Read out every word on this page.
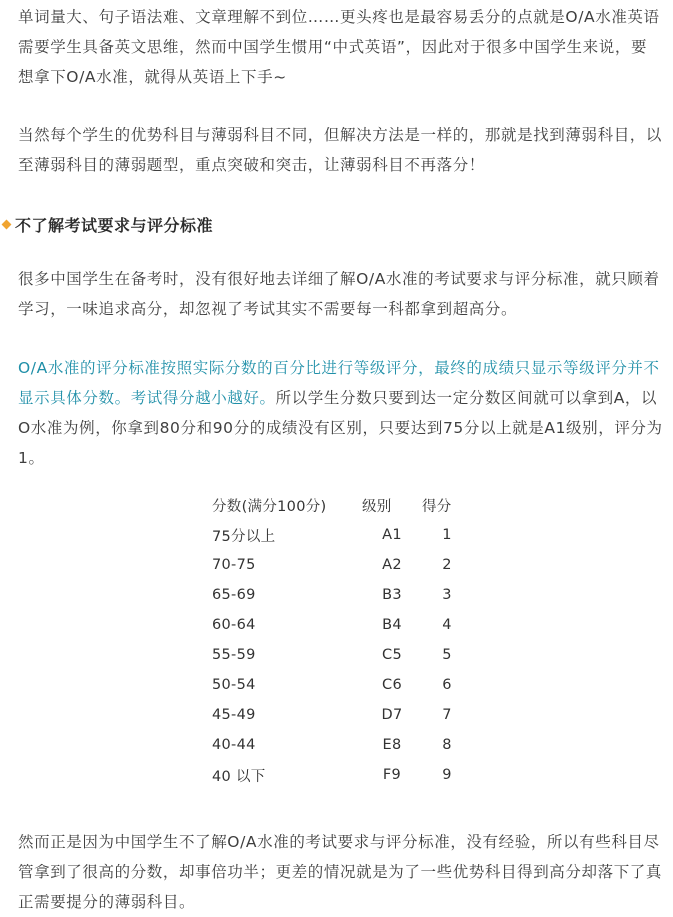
单词量大、句子语法难、文章理解不到位……更头疼也是最容易丢分的点就是O/A水准英语需要学生具备英文思维，然而中国学生惯用“中式英语”，因此对于很多中国学生来说，要想拿下O/A水准，就得从英语上下手~

当然每个学生的优势科目与薄弱科目不同，但解决方法是一样的，那就是找到薄弱科目，以至薄弱科目的薄弱题型，重点突破和突击，让薄弱科目不再落分！

不了解考试要求与评分标准

很多中国学生在备考时，没有很好地去详细了解O/A水准的考试要求与评分标准，就只顾着学习，一味追求高分，却忽视了考试其实不需要每一科都拿到超高分。

O/A水准的评分标准按照实际分数的百分比进行等级评分，最终的成绩只显示等级评分并不显示具体分数。考试得分越小越好。所以学生分数只要到达一定分数区间就可以拿到A，以O水准为例，你拿到80分和90分的成绩没有区别，只要达到75分以上就是A1级别，评分为1。

分数(满分100分)	级别	得分
75分以上	A1	1
70-75	A2	2
65-69	B3	3
60-64	B4	4
55-59	C5	5
50-54	C6	6
45-49	D7	7
40-44	E8	8
40 以下	F9	9

然而正是因为中国学生不了解O/A水准的考试要求与评分标准，没有经验，所以有些科目尽管拿到了很高的分数，却事倍功半；更差的情况就是为了一些优势科目得到高分却落下了真正需要提分的薄弱科目。
